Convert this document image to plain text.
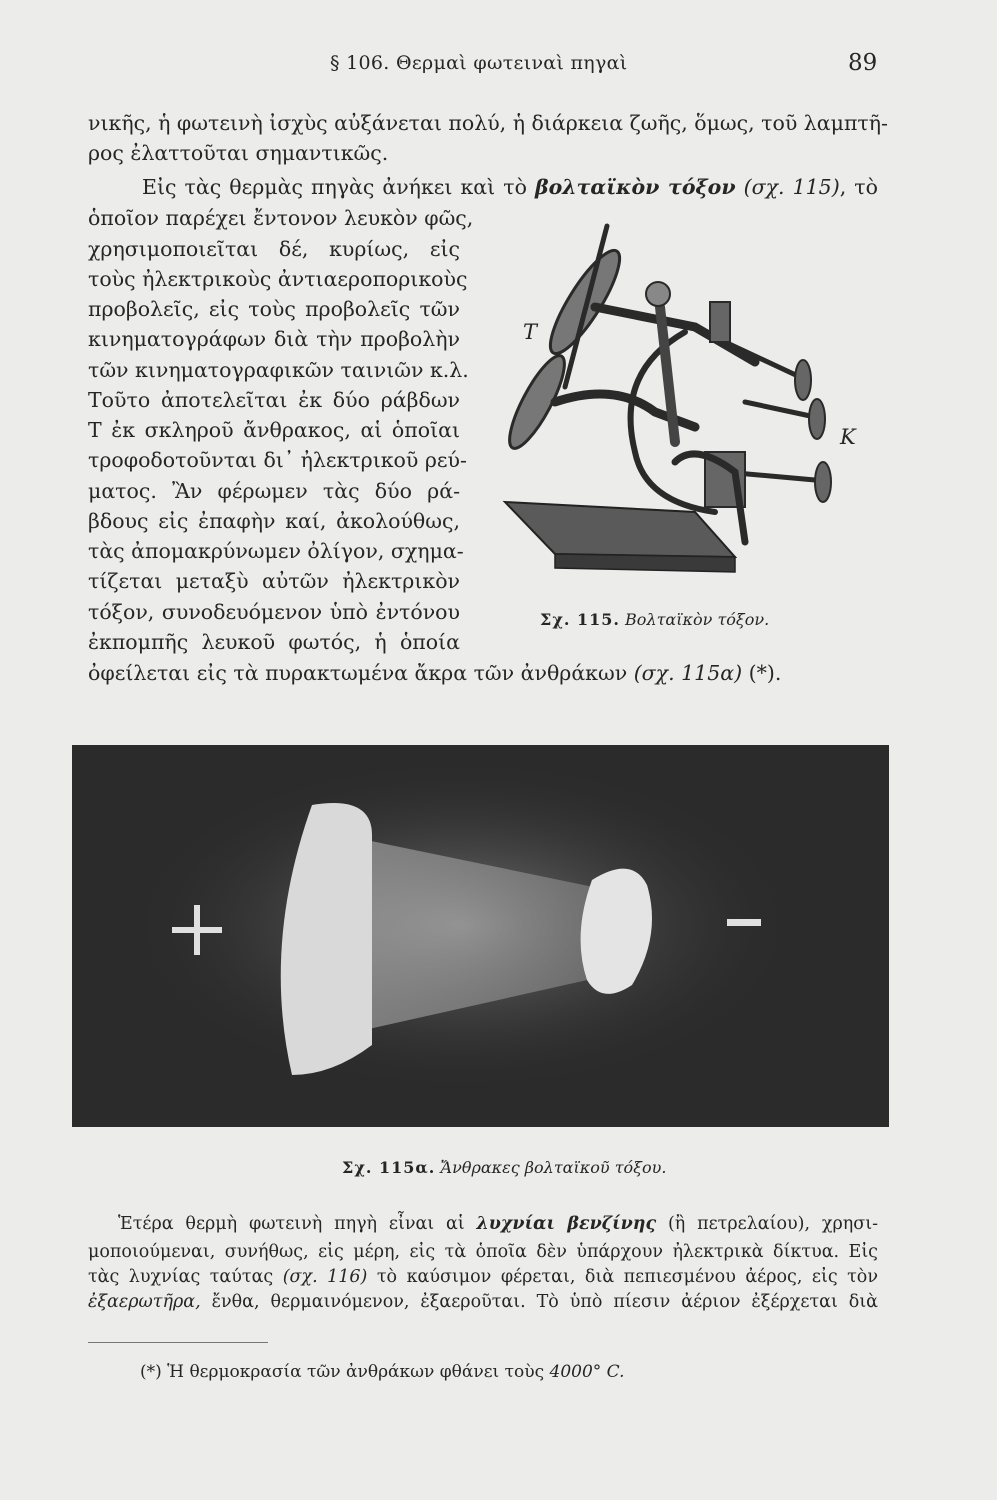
§ 106. Θερμαὶ φωτειναὶ πηγαὶ	89
νικῆς, ἡ φωτεινὴ ἰσχὺς αὐξάνεται πολύ, ἡ διάρκεια ζωῆς, ὅμως, τοῦ λαμπτῆ-
ρος ἐλαττοῦται σημαντικῶς.
Εἰς τὰς θερμὰς πηγὰς ἀνήκει καὶ τὸ βολταϊκὸν τόξον (σχ. 115), τὸ
ὁποῖον παρέχει ἔντονον λευκὸν φῶς,
χρησιμοποιεῖται δέ, κυρίως, εἰς
τοὺς ἠλεκτρικοὺς ἀντιαεροπορικοὺς
προβολεῖς, εἰς τοὺς προβολεῖς τῶν
κινηματογράφων διὰ τὴν προβολὴν
τῶν κινηματογραφικῶν ταινιῶν κ.λ.
Τοῦτο ἀποτελεῖται ἐκ δύο ράβδων
T ἐκ σκληροῦ ἄνθρακος, αἱ ὁποῖαι
τροφοδοτοῦνται δι᾽ ἠλεκτρικοῦ ρεύ-
ματος. Ἂν φέρωμεν τὰς δύο ρά-
βδους εἰς ἐπαφὴν καί, ἀκολούθως,
τὰς ἀπομακρύνωμεν ὀλίγον, σχημα-
τίζεται μεταξὺ αὐτῶν ἠλεκτρικὸν
τόξον, συνοδευόμενον ὑπὸ ἐντόνου
ἐκπομπῆς λευκοῦ φωτός, ἡ ὁποία
ὀφείλεται εἰς τὰ πυρακτωμένα ἄκρα τῶν ἀνθράκων (σχ. 115α) (*).
T
K
Σχ. 115. Βολταϊκὸν τόξον.
Σχ. 115α. Ἄνθρακες βολταϊκοῦ τόξου.
Ἑτέρα θερμὴ φωτεινὴ πηγὴ εἶναι αἱ λυχνίαι βενζίνης (ἢ πετρελαίου), χρησι-
μοποιούμεναι, συνήθως, εἰς μέρη, εἰς τὰ ὁποῖα δὲν ὑπάρχουν ἠλεκτρικὰ δίκτυα. Εἰς
τὰς λυχνίας ταύτας (σχ. 116) τὸ καύσιμον φέρεται, διὰ πεπιεσμένου ἀέρος, εἰς τὸν
ἐξαερωτῆρα, ἔνθα, θερμαινόμενον, ἐξαεροῦται. Τὸ ὑπὸ πίεσιν ἀέριον ἐξέρχεται διὰ
(*) Ἡ θερμοκρασία τῶν ἀνθράκων φθάνει τοὺς 4000° C.
